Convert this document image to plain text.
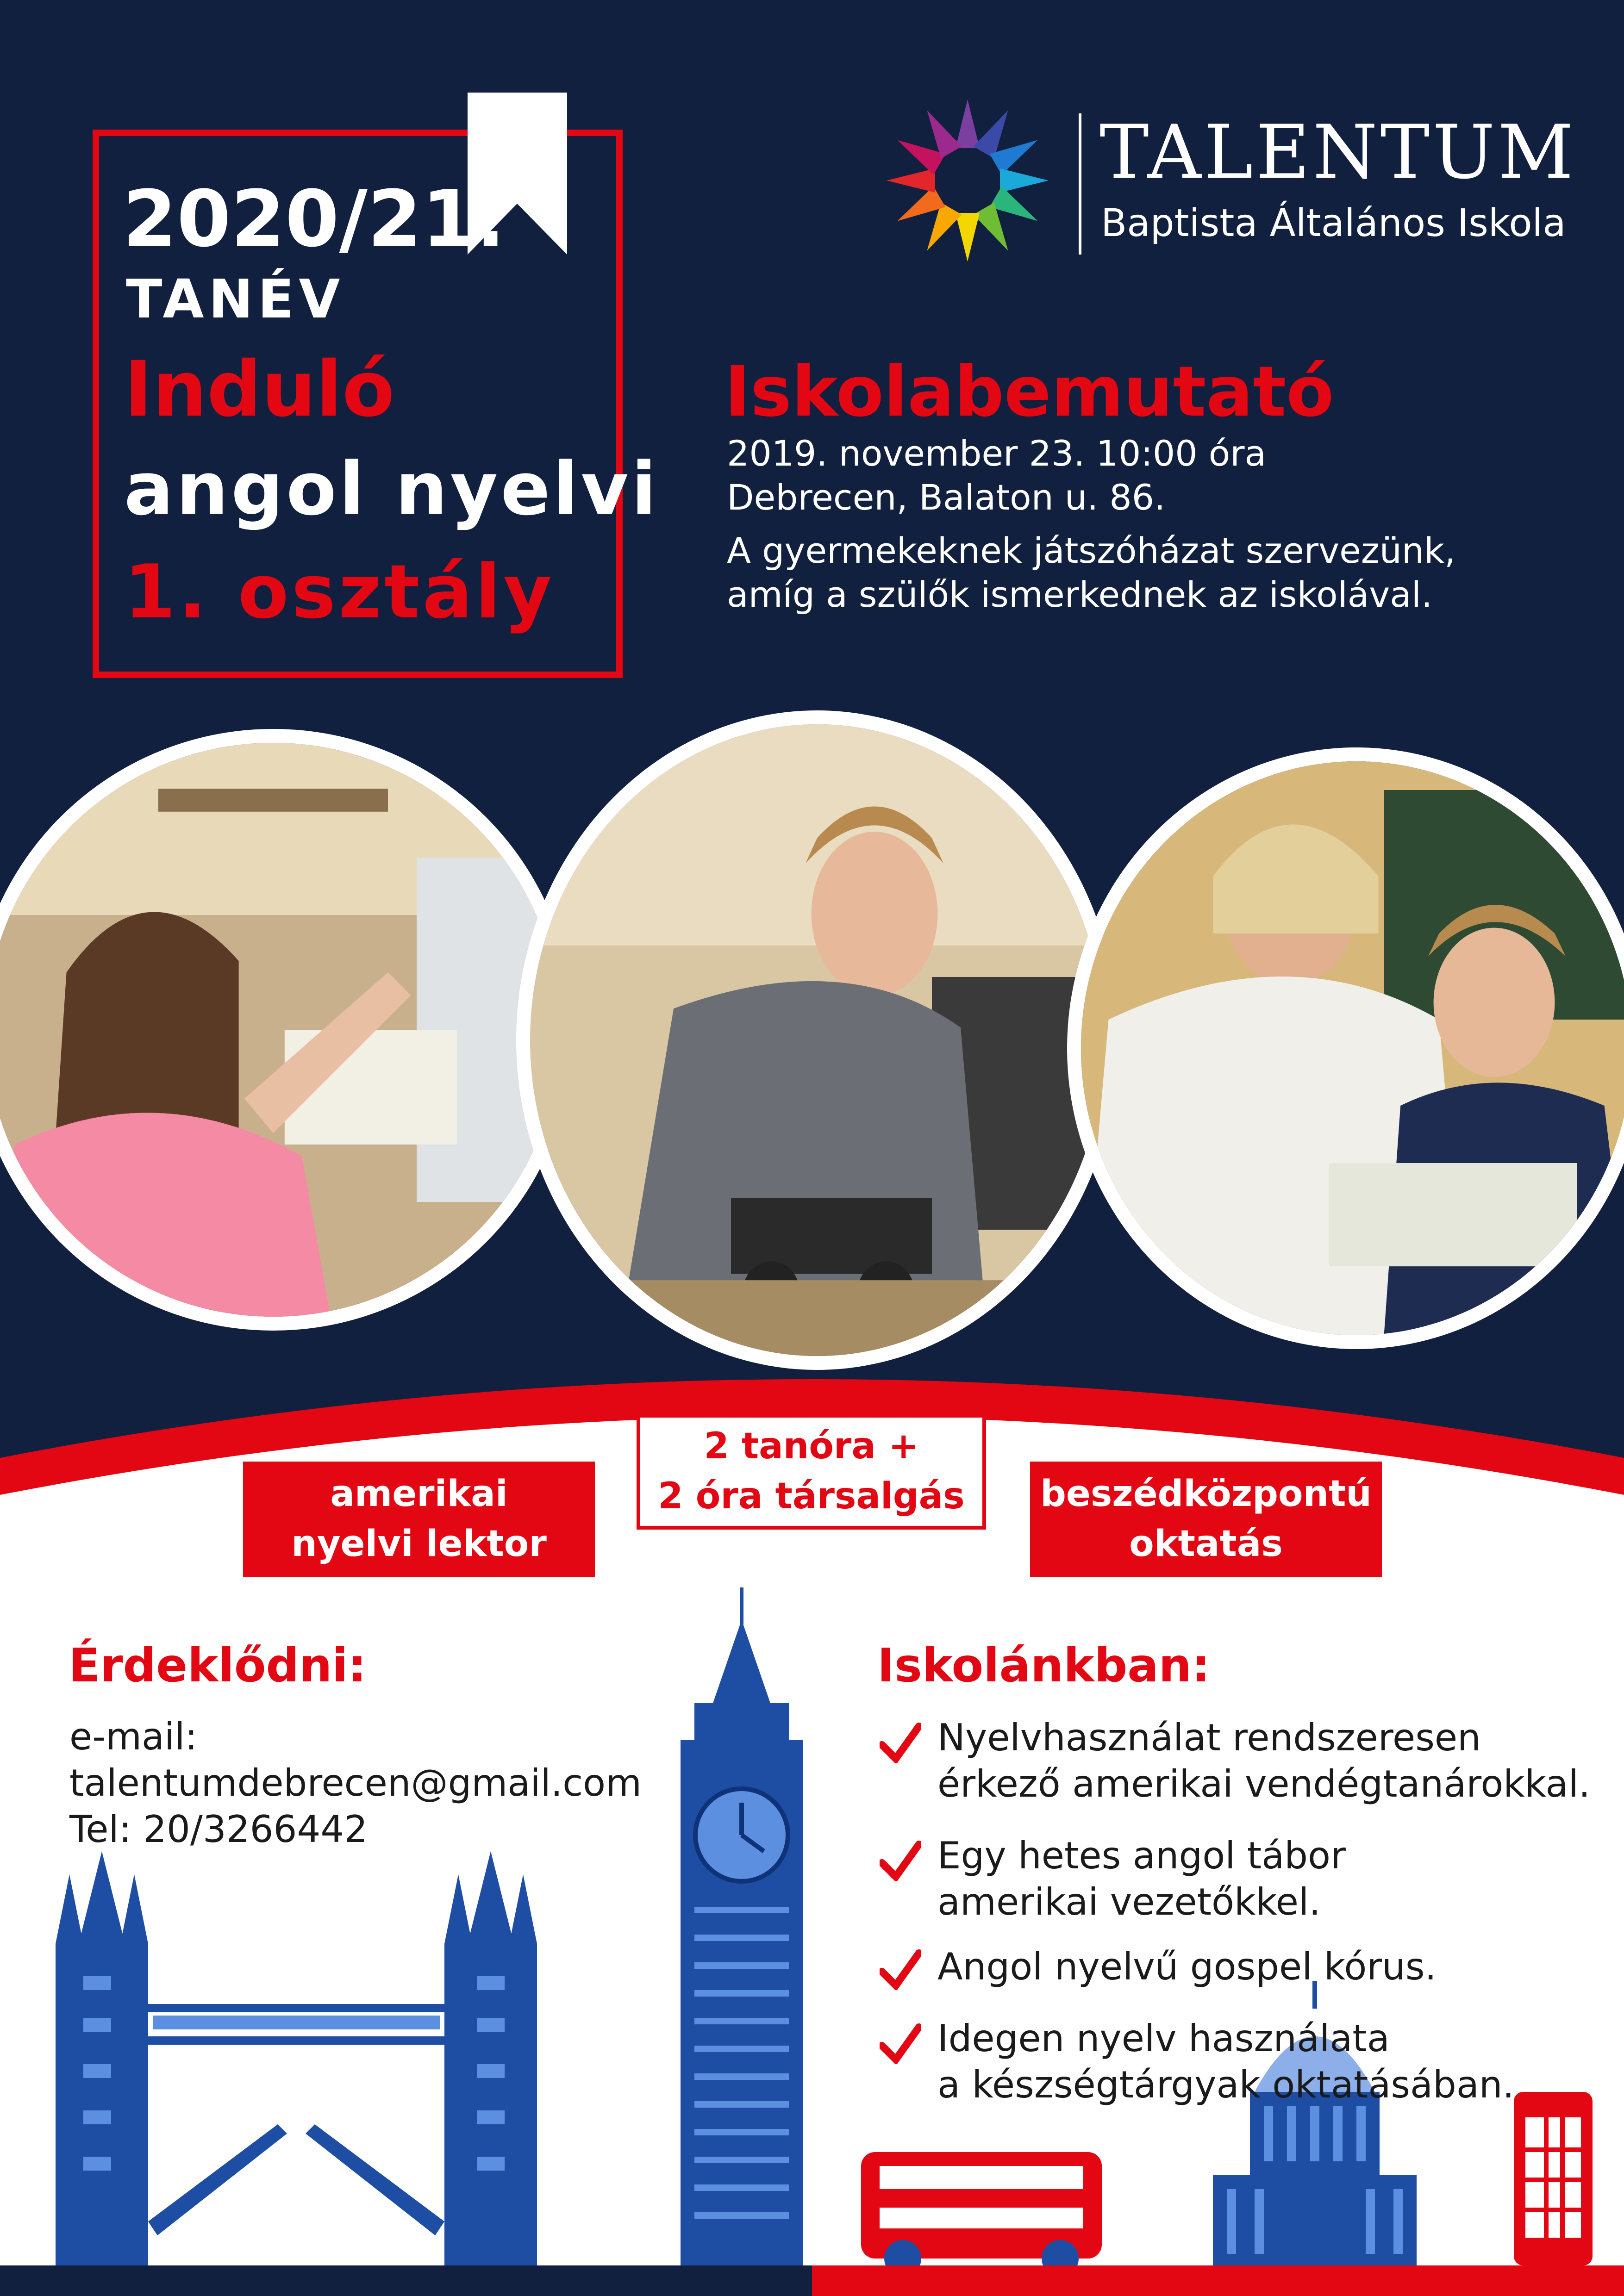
2020/21.
TANÉV
Induló
angol nyelvi
1. osztály
TALENTUM
Baptista Általános Iskola
Iskolabemutató
2019. november 23. 10:00 óra
Debrecen, Balaton u. 86.
A gyermekeknek játszóházat szervezünk,
amíg a szülők ismerkednek az iskolával.
amerikai
nyelvi lektor
2 tanóra +
2 óra társalgás	beszédközpontú
oktatás
Érdeklődni:
e-mail:
talentumdebrecen@gmail.com
Tel: 20/3266442
Iskolánkban:
Nyelvhasználat rendszeresen
érkező amerikai vendégtanárokkal.
Egy hetes angol tábor
amerikai vezetőkkel.
Angol nyelvű gospel kórus.
Idegen nyelv használata
a készségtárgyak oktatásában.
